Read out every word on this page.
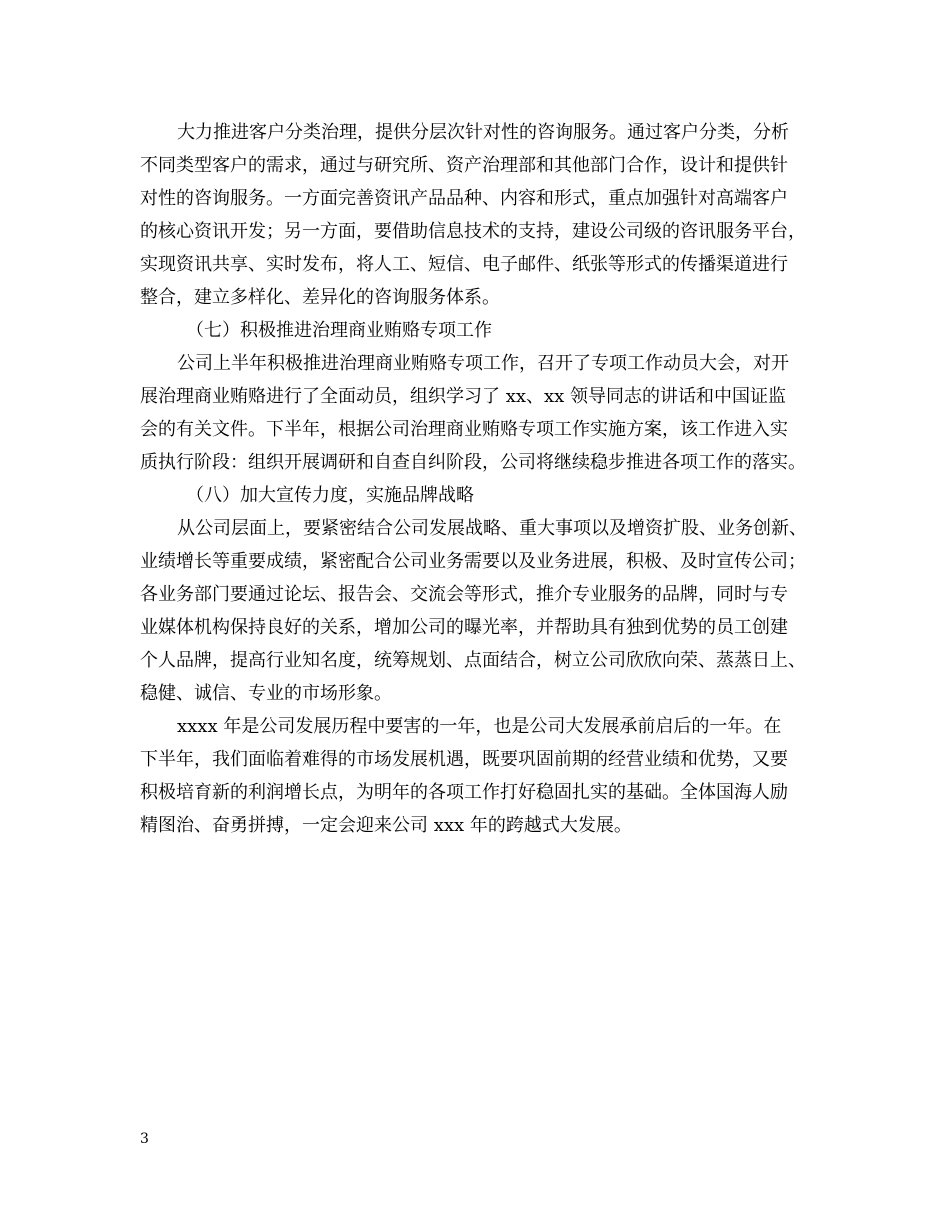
大力推进客户分类治理，提供分层次针对性的咨询服务。通过客户分类，分析
不同类型客户的需求，通过与研究所、资产治理部和其他部门合作，设计和提供针
对性的咨询服务。一方面完善资讯产品品种、内容和形式，重点加强针对高端客户
的核心资讯开发；另一方面，要借助信息技术的支持，建设公司级的咨讯服务平台，
实现资讯共享、实时发布，将人工、短信、电子邮件、纸张等形式的传播渠道进行
整合，建立多样化、差异化的咨询服务体系。
（七）积极推进治理商业贿赂专项工作
公司上半年积极推进治理商业贿赂专项工作，召开了专项工作动员大会，对开
展治理商业贿赂进行了全面动员，组织学习了 xx、xx 领导同志的讲话和中国证监
会的有关文件。下半年，根据公司治理商业贿赂专项工作实施方案，该工作进入实
质执行阶段：组织开展调研和自查自纠阶段，公司将继续稳步推进各项工作的落实。
（八）加大宣传力度，实施品牌战略
从公司层面上，要紧密结合公司发展战略、重大事项以及增资扩股、业务创新、
业绩增长等重要成绩，紧密配合公司业务需要以及业务进展，积极、及时宣传公司；
各业务部门要通过论坛、报告会、交流会等形式，推介专业服务的品牌，同时与专
业媒体机构保持良好的关系，增加公司的曝光率，并帮助具有独到优势的员工创建
个人品牌，提高行业知名度，统筹规划、点面结合，树立公司欣欣向荣、蒸蒸日上、
稳健、诚信、专业的市场形象。
xxxx 年是公司发展历程中要害的一年，也是公司大发展承前启后的一年。在
下半年，我们面临着难得的市场发展机遇，既要巩固前期的经营业绩和优势，又要
积极培育新的利润增长点，为明年的各项工作打好稳固扎实的基础。全体国海人励
精图治、奋勇拼搏，一定会迎来公司 xxx 年的跨越式大发展。
3
